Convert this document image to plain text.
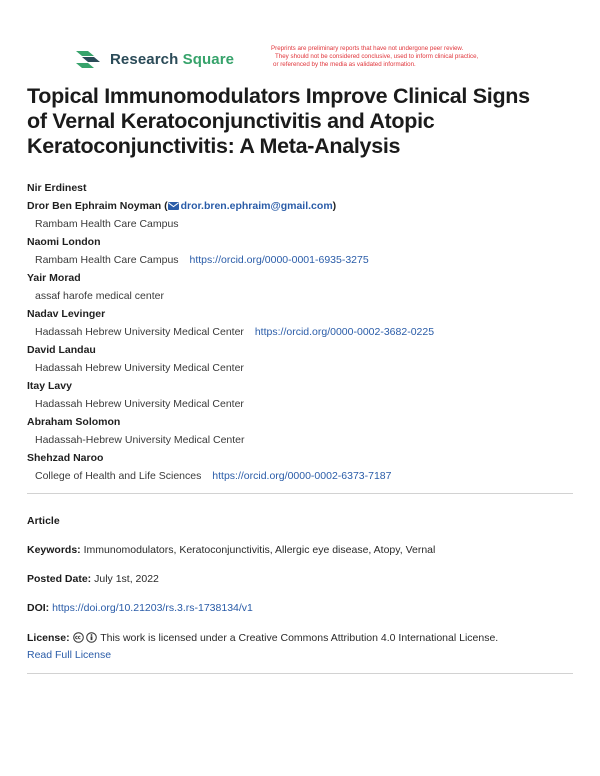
Research Square
Preprints are preliminary reports that have not undergone peer review.
They should not be considered conclusive, used to inform clinical practice,
or referenced by the media as validated information.
Topical Immunomodulators Improve Clinical Signs
of Vernal Keratoconjunctivitis and Atopic
Keratoconjunctivitis: A Meta-Analysis
Nir Erdinest
Dror Ben Ephraim Noyman ( dror.bren.ephraim@gmail.com)
Rambam Health Care Campus
Naomi London
Rambam Health Care Campus https://orcid.org/0000-0001-6935-3275
Yair Morad
assaf harofe medical center
Nadav Levinger
Hadassah Hebrew University Medical Center https://orcid.org/0000-0002-3682-0225
David Landau
Hadassah Hebrew University Medical Center
Itay Lavy
Hadassah Hebrew University Medical Center
Abraham Solomon
Hadassah-Hebrew University Medical Center
Shehzad Naroo
College of Health and Life Sciences https://orcid.org/0000-0002-6373-7187
Article
Keywords: Immunomodulators, Keratoconjunctivitis, Allergic eye disease, Atopy, Vernal
Posted Date: July 1st, 2022
DOI: https://doi.org/10.21203/rs.3.rs-1738134/v1
License:	This work is licensed under a Creative Commons Attribution 4.0 International License.
Read Full License
